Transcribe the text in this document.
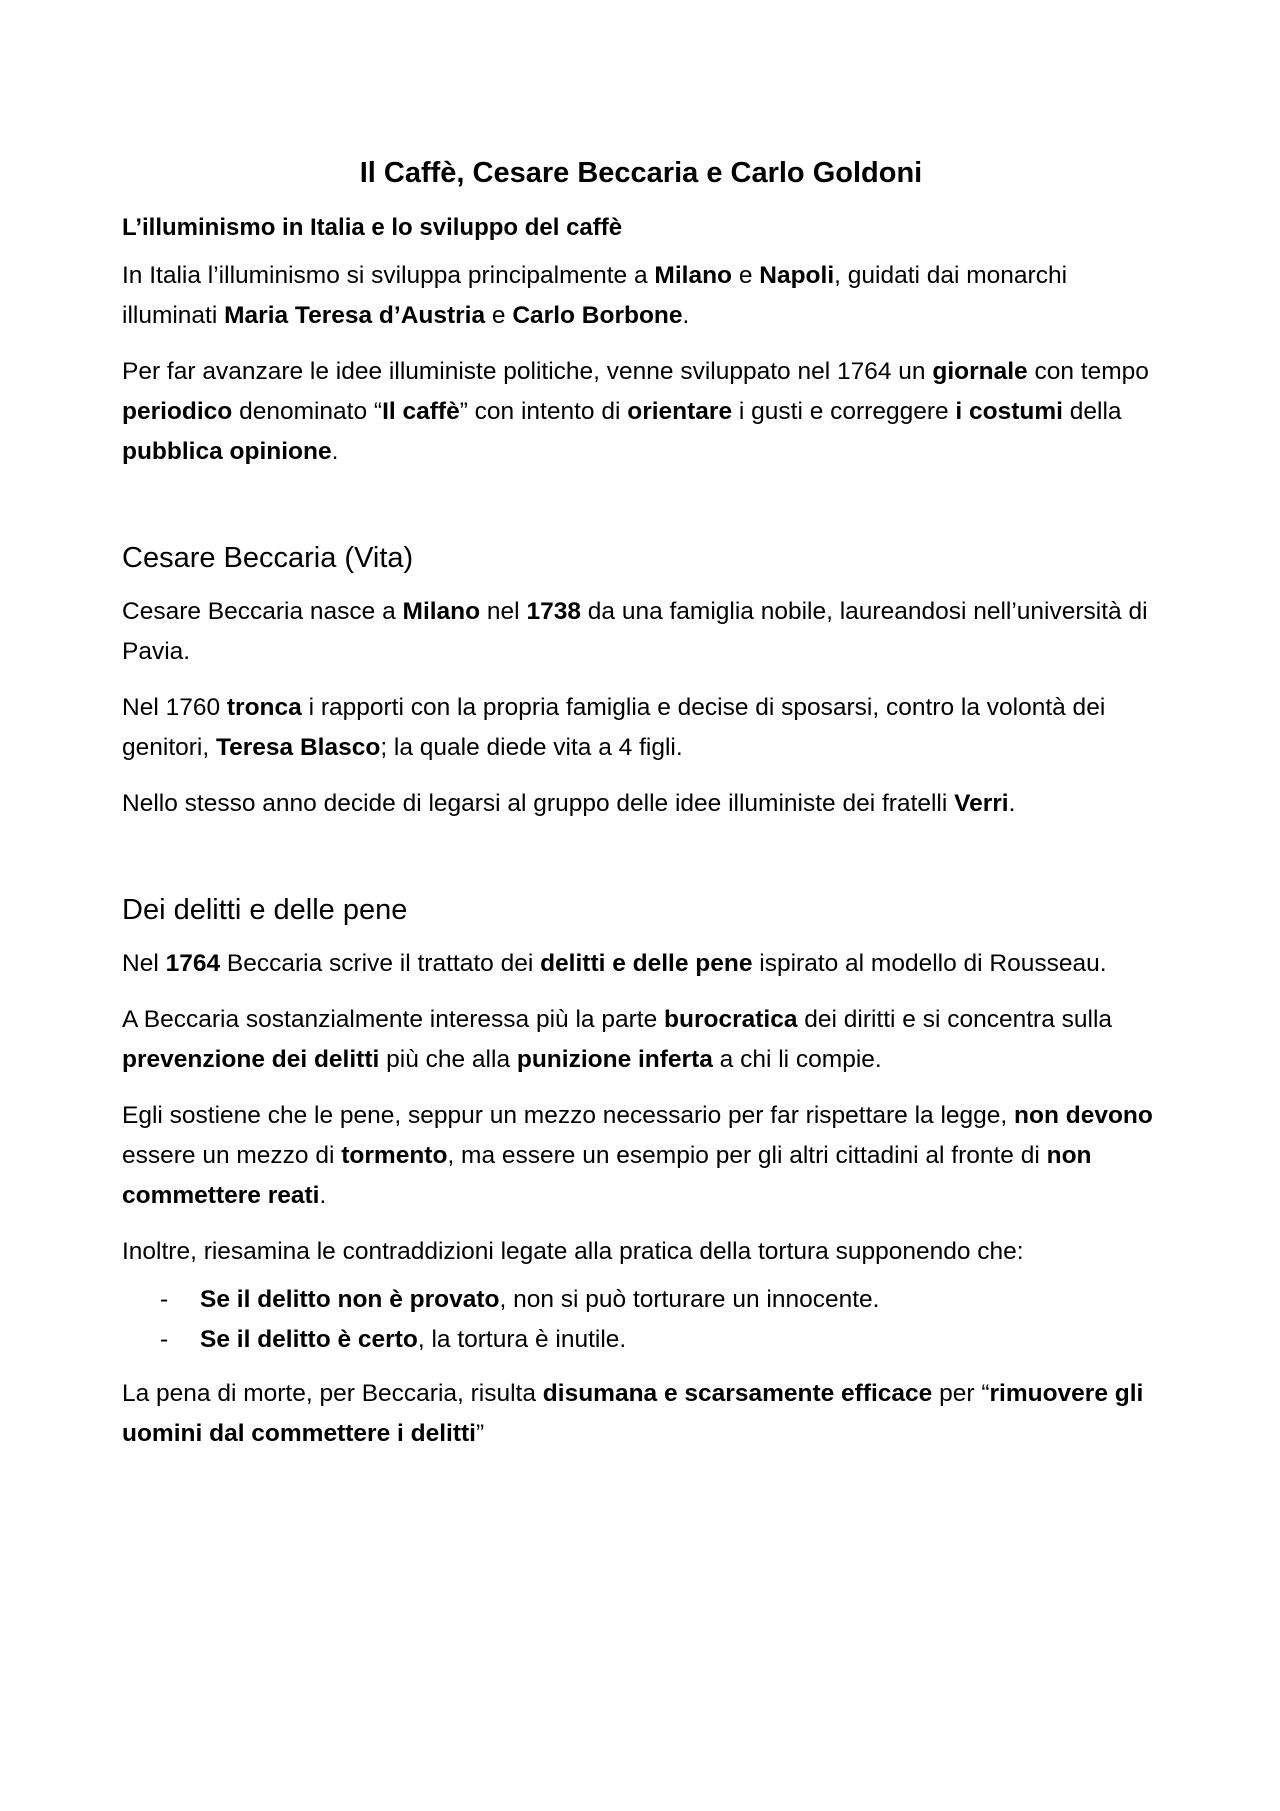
Il Caffè, Cesare Beccaria e Carlo Goldoni
L’illuminismo in Italia e lo sviluppo del caffè

In Italia l’illuminismo si sviluppa principalmente a Milano e Napoli, guidati dai monarchi illuminati Maria Teresa d’Austria e Carlo Borbone.

Per far avanzare le idee illuministe politiche, venne sviluppato nel 1764 un giornale con tempo periodico denominato “Il caffè” con intento di orientare i gusti e correggere i costumi della pubblica opinione.

Cesare Beccaria (Vita)

Cesare Beccaria nasce a Milano nel 1738 da una famiglia nobile, laureandosi nell’università di Pavia.

Nel 1760 tronca i rapporti con la propria famiglia e decise di sposarsi, contro la volontà dei genitori, Teresa Blasco; la quale diede vita a 4 figli.

Nello stesso anno decide di legarsi al gruppo delle idee illuministe dei fratelli Verri.

Dei delitti e delle pene

Nel 1764 Beccaria scrive il trattato dei delitti e delle pene ispirato al modello di Rousseau.

A Beccaria sostanzialmente interessa più la parte burocratica dei diritti e si concentra sulla prevenzione dei delitti più che alla punizione inferta a chi li compie.

Egli sostiene che le pene, seppur un mezzo necessario per far rispettare la legge, non devono essere un mezzo di tormento, ma essere un esempio per gli altri cittadini al fronte di non commettere reati.

Inoltre, riesamina le contraddizioni legate alla pratica della tortura supponendo che:

-	Se il delitto non è provato, non si può torturare un innocente.
-	Se il delitto è certo, la tortura è inutile.

La pena di morte, per Beccaria, risulta disumana e scarsamente efficace per “rimuovere gli uomini dal commettere i delitti”
